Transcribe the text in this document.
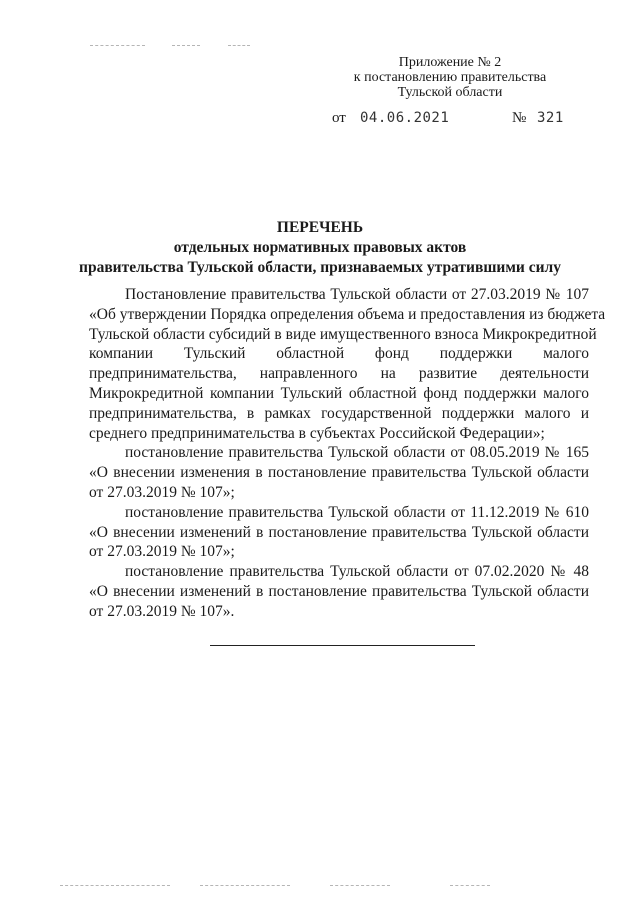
Приложение № 2
к постановлению правительства
Тульской области
от 04.06.2021	№ 321
ПЕРЕЧЕНЬ
отдельных нормативных правовых актов
правительства Тульской области, признаваемых утратившими силу
Постановление правительства Тульской области от 27.03.2019 № 107
«Об утверждении Порядка определения объема и предоставления из бюджета
Тульской области субсидий в виде имущественного взноса Микрокредитной
компании Тульский областной фонд поддержки малого
предпринимательства, направленного на развитие деятельности
Микрокредитной компании Тульский областной фонд поддержки малого
предпринимательства, в рамках государственной поддержки малого и
среднего предпринимательства в субъектах Российской Федерации»;
постановление правительства Тульской области от 08.05.2019 № 165
«О внесении изменения в постановление правительства Тульской области
от 27.03.2019 № 107»;
постановление правительства Тульской области от 11.12.2019 № 610
«О внесении изменений в постановление правительства Тульской области
от 27.03.2019 № 107»;
постановление правительства Тульской области от 07.02.2020 № 48
«О внесении изменений в постановление правительства Тульской области
от 27.03.2019 № 107».
